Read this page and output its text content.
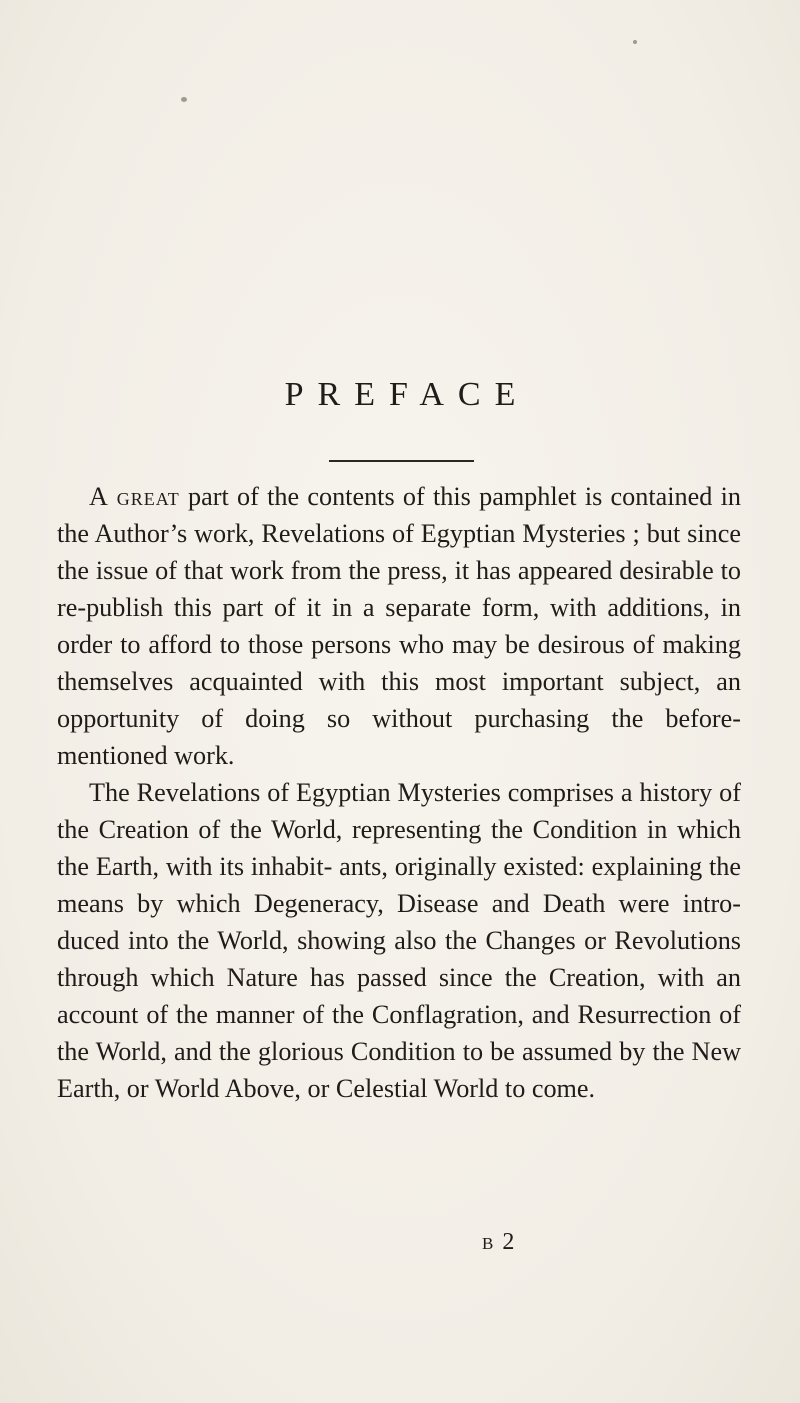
PREFACE

A great part of the contents of this pamphlet is contained in the Author’s work, Revelations of Egyptian Mysteries ; but since the issue of that work from the press, it has appeared desirable to re-publish this part of it in a separate form, with additions, in order to afford to those persons who may be desirous of making themselves acquainted with this most important subject, an opportunity of doing so without purchasing the before-mentioned work.

The Revelations of Egyptian Mysteries comprises a history of the Creation of the World, representing the Condition in which the Earth, with its inhabit- ants, originally existed: explaining the means by which Degeneracy, Disease and Death were intro- duced into the World, showing also the Changes or Revolutions through which Nature has passed since the Creation, with an account of the manner of the Conflagration, and Resurrection of the World, and the glorious Condition to be assumed by the New Earth, or World Above, or Celestial World to come.

b 2
